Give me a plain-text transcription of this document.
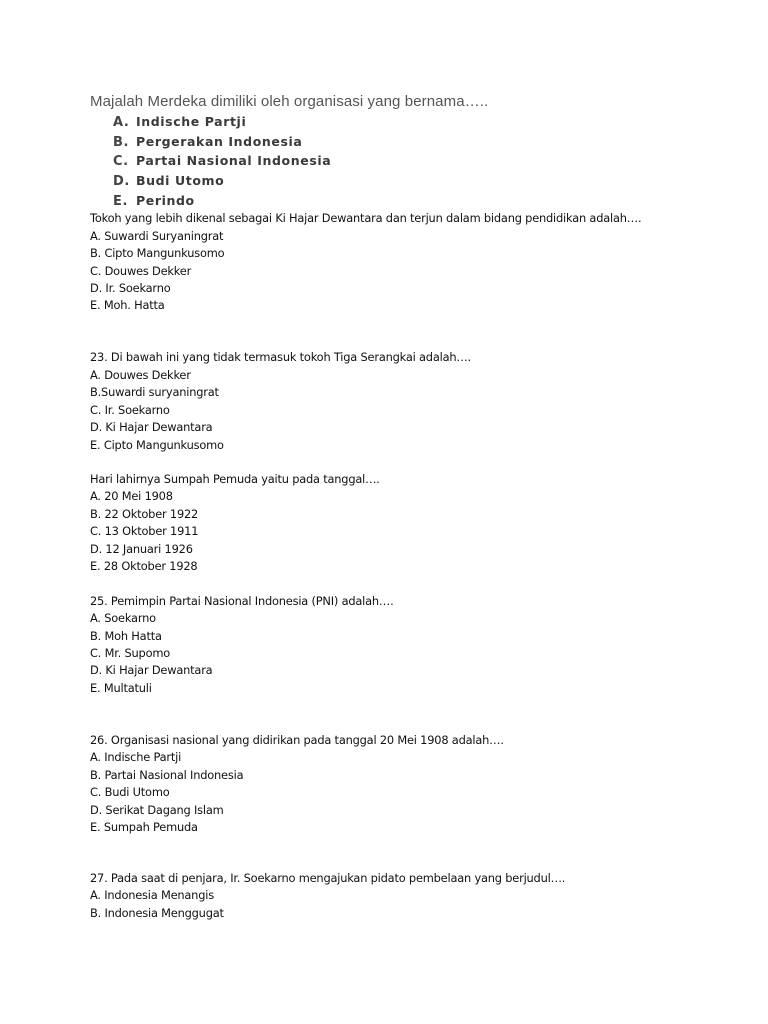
Majalah Merdeka dimiliki oleh organisasi yang bernama…..
A. Indische Partji
B. Pergerakan Indonesia
C. Partai Nasional Indonesia
D. Budi Utomo
E. Perindo
Tokoh yang lebih dikenal sebagai Ki Hajar Dewantara dan terjun dalam bidang pendidikan adalah….
A. Suwardi Suryaningrat
B. Cipto Mangunkusomo
C. Douwes Dekker
D. Ir. Soekarno
E. Moh. Hatta
23. Di bawah ini yang tidak termasuk tokoh Tiga Serangkai adalah….
A. Douwes Dekker
B.Suwardi suryaningrat
C. Ir. Soekarno
D. Ki Hajar Dewantara
E. Cipto Mangunkusomo
Hari lahirnya Sumpah Pemuda yaitu pada tanggal….
A. 20 Mei 1908
B. 22 Oktober 1922
C. 13 Oktober 1911
D. 12 Januari 1926
E. 28 Oktober 1928
25. Pemimpin Partai Nasional Indonesia (PNI) adalah….
A. Soekarno
B. Moh Hatta
C. Mr. Supomo
D. Ki Hajar Dewantara
E. Multatuli
26. Organisasi nasional yang didirikan pada tanggal 20 Mei 1908 adalah….
A. Indische Partji
B. Partai Nasional Indonesia
C. Budi Utomo
D. Serikat Dagang Islam
E. Sumpah Pemuda
27. Pada saat di penjara, Ir. Soekarno mengajukan pidato pembelaan yang berjudul….
A. Indonesia Menangis
B. Indonesia Menggugat
